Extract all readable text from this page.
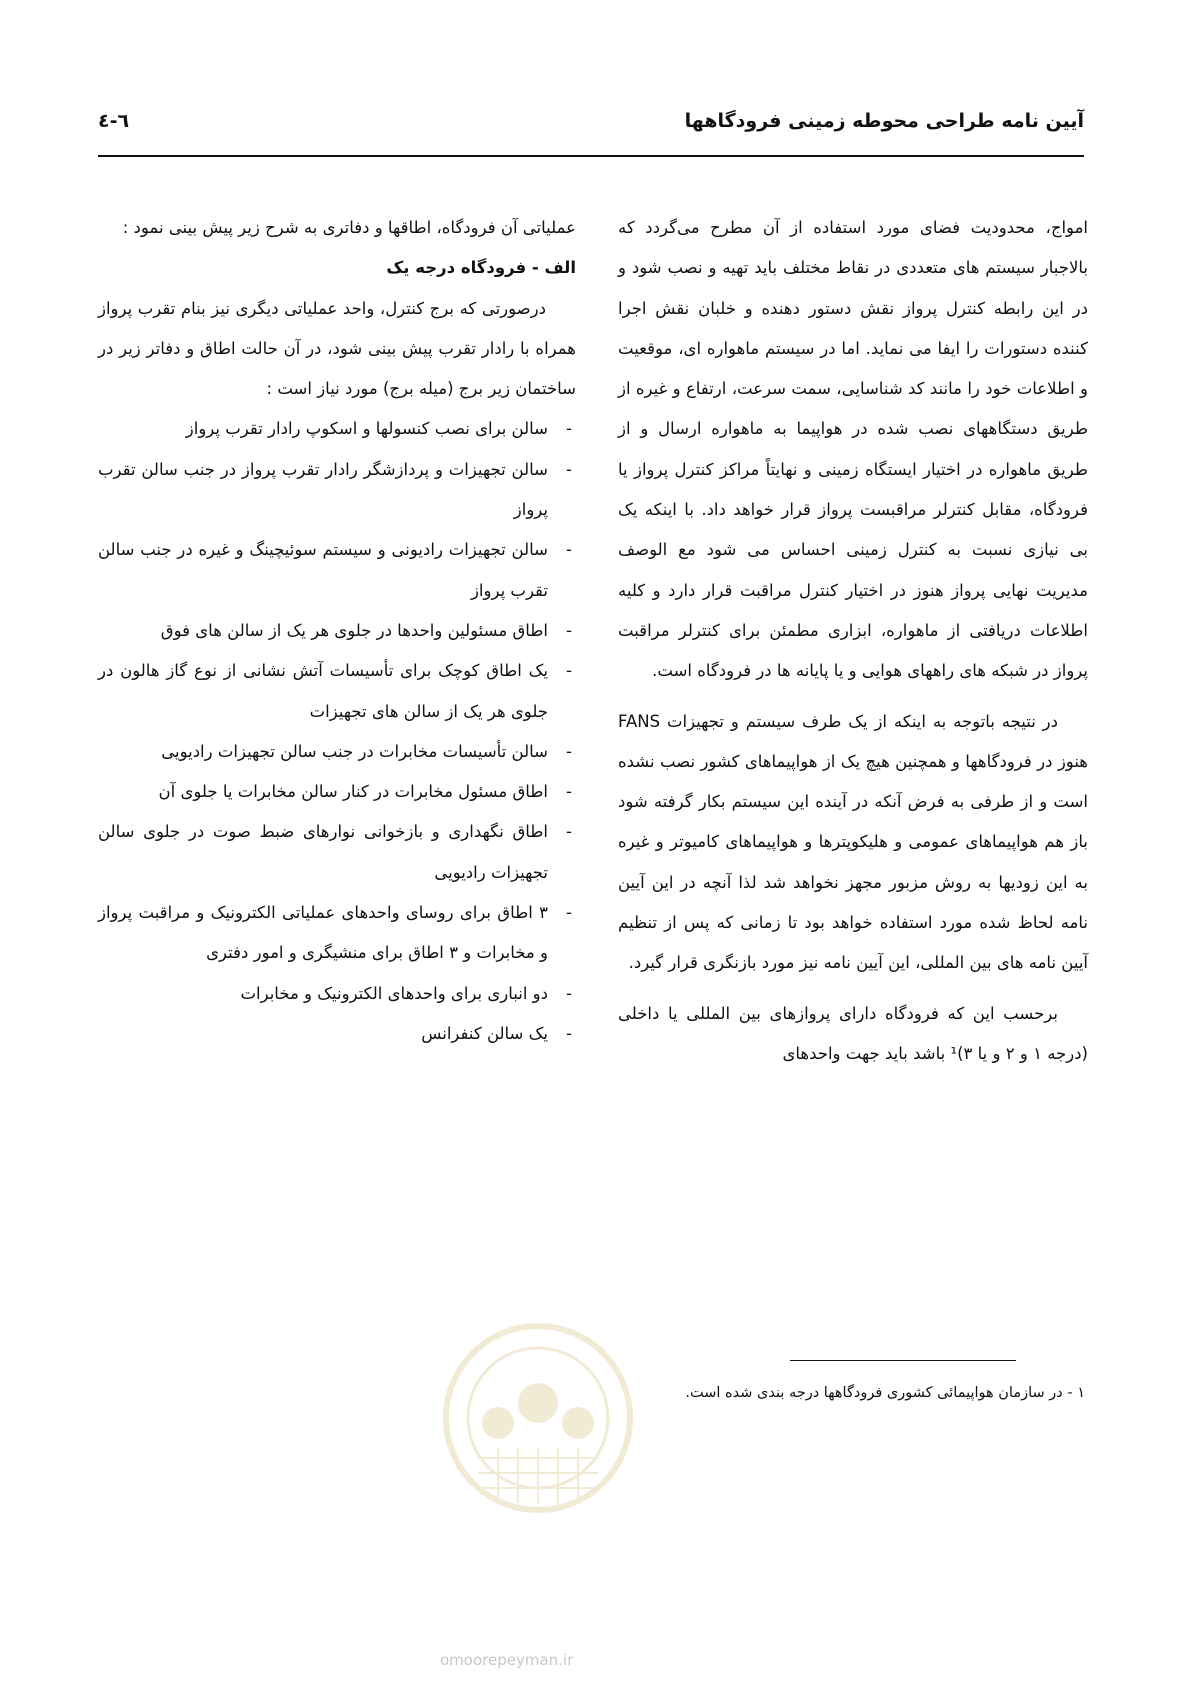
آیین نامه طراحی محوطه زمینی فرودگاهها
٦-٤

امواج، محدودیت فضای مورد استفاده از آن مطرح می‌گردد که بالاجبار سیستم های متعددی در نقاط مختلف باید تهیه و نصب شود و در این رابطه کنترل پرواز نقش دستور دهنده و خلبان نقش اجرا کننده دستورات را ایفا می نماید. اما در سیستم ماهواره ای، موقعیت و اطلاعات خود را مانند کد شناسایی، سمت سرعت، ارتفاع و غیره از طریق دستگاههای نصب شده در هواپیما به ماهواره ارسال و از طریق ماهواره در اختیار ایستگاه زمینی و نهایتاً مراکز کنترل پرواز یا فرودگاه، مقابل کنترلر مراقبست پرواز قرار خواهد داد. با اینکه یک بی نیازی نسبت به کنترل زمینی احساس می شود مع الوصف مدیریت نهایی پرواز هنوز در اختیار کنترل مراقبت قرار دارد و کلیه اطلاعات دریافتی از ماهواره، ابزاری مطمئن برای کنترلر مراقبت پرواز در شبکه های راههای هوایی و یا پایانه ها در فرودگاه است.

در نتیجه باتوجه به اینکه از یک طرف سیستم و تجهیزات FANS هنوز در فرودگاهها و همچنین هیچ یک از هواپیماهای کشور نصب نشده است و از طرفی به فرض آنکه در آینده این سیستم بکار گرفته شود باز هم هواپیماهای عمومی و هلیکوپترها و هواپیماهای کامیوتر و غیره به این زودیها به روش مزبور مجهز نخواهد شد لذا آنچه در این آیین نامه لحاظ شده مورد استفاده خواهد بود تا زمانی که پس از تنظیم آیین نامه های بین المللی، این آیین نامه نیز مورد بازنگری قرار گیرد.

برحسب این که فرودگاه دارای پروازهای بین المللی یا داخلی (درجه ۱ و ۲ و یا ۳)¹ باشد باید جهت واحدهای

عملیاتی آن فرودگاه، اطاقها و دفاتری به شرح زیر پیش بینی نمود :

الف - فرودگاه درجه یک

درصورتی که برج کنترل، واحد عملیاتی دیگری نیز بنام تقرب پرواز همراه با رادار تقرب پیش بینی شود، در آن حالت اطاق و دفاتر زیر در ساختمان زیر برج (میله برج) مورد نیاز است :

-
سالن برای نصب کنسولها و اسکوپ رادار تقرب پرواز

-
سالن تجهیزات و پردازشگر رادار تقرب پرواز در جنب سالن تقرب پرواز

-
سالن تجهیزات رادیونی و سیستم سوئیچینگ و غیره در جنب سالن تقرب پرواز

-
اطاق مسئولین واحدها در جلوی هر یک از سالن های فوق

-
یک اطاق کوچک برای تأسیسات آتش نشانی از نوع گاز هالون در جلوی هر یک از سالن های تجهیزات

-
سالن تأسیسات مخابرات در جنب سالن تجهیزات رادیویی

-
اطاق مسئول مخابرات در کنار سالن مخابرات یا جلوی آن

-
اطاق نگهداری و بازخوانی نوارهای ضبط صوت در جلوی سالن تجهیزات رادیویی

-
۳ اطاق برای روسای واحدهای عملیاتی الکترونیک و مراقبت پرواز و مخابرات و ۳ اطاق برای منشیگری و امور دفتری

-
دو انباری برای واحدهای الکترونیک و مخابرات

-
یک سالن کنفرانس

۱ - در سازمان هواپیمائی کشوری فرودگاهها درجه بندی شده است.

omoorepeyman.ir
